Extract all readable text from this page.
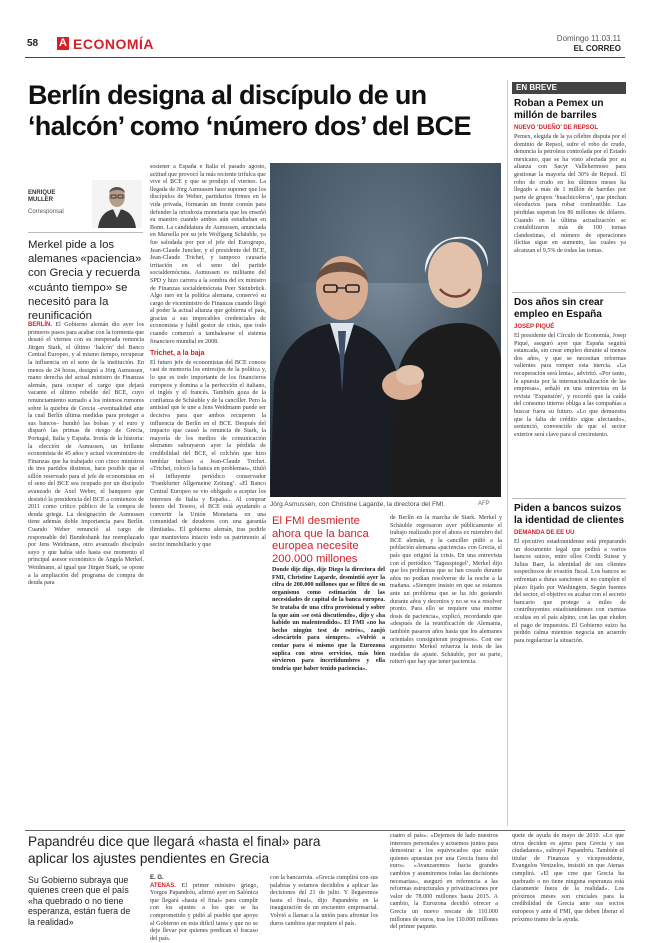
58 A ECONOMÍA	Domingo 11.03.11
EL CORREO
Berlín designa al discípulo de un
‘halcón’ como ‘número dos’ del BCE
ENRIQUE MULLER
Corresponsal
Merkel pide a los alemanes «paciencia» con Grecia y recuerda «cuánto tiempo» se necesitó para la reunificación

BERLÍN. El Gobierno alemán dio ayer los primeros pasos para acabar con la tormenta que desató el viernes con su inesperada renuncia Jürgen Stark, el último ‘halcón’ del Banco Central Europeo, y al mismo tiempo, recuperar la influencia en el seno de la institución. En menos de 24 horas, designó a Jörg Asmussen, mano derecha del actual ministro de Finanzas alemán, para ocupar el cargo que dejará vacante el último rebelde del BCE, cuyo renunciamiento sumado a los intensos rumores sobre la quiebra de Grecia –eventualidad ante la cual Berlín última medidas para proteger a sus bancos– hundió las bolsas y el euro y disparó las primas de riesgo de Grecia, Portugal, Italia y España. Ironía de la historia: la elección de Asmussen, un brillante economista de 45 años y actual viceministro de Finanzas que ha trabajado con cinco ministros de tres partidos distintos, hace posible que el sillón reservado para el jefe de economistas en el seno del BCE sea ocupado por un discípulo avanzado de Axel Weber, el banquero que desistió la presidencia del BCE a comienzos de 2011 como crítico público de la compra de deuda griega. La designación de Asmussen tiene además doble importancia para Berlín. Cuando Weber renunció al cargo de responsable del Bundesbank fue reemplazado por Jens Weidmann, otro avanzado discípulo suyo y que había sido hasta ese momento el principal asesor económico de Angela Merkel. Weidmann, al igual que Jürgen Stark, se opone a la ampliación del programa de compra de deuda para

sostener a España e Italia el pasado agosto, actitud que provocó la más reciente trifulca que vive el BCE y que se produjo el viernes. La llegada de Jörg Asmussen hace suponer que los discípulos de Weber, partidarios firmes en la vida privada, formarán un frente común para defender la ortodoxia monetaria que les enseñó su maestro cuando ambos aún estudiaban en Bonn. La candidatura de Asmussen, anunciada en Marsella por su jefe Wolfgang Schäuble, ya fue saludada por por el jefe del Eurogrupo, Jean-Claude Juncker, y el presidente del BCE, Jean-Claude Trichet, y tampoco causaría irritación en el seno del partido socialdemócrata. Asmussen es militante del SPD y hizo carrera a la sombra del ex ministro de Finanzas socialdemócrata Peer Steinbrück. Algo raro en la política alemana, conservó su cargo de viceministro de Finanzas cuando llegó al poder la actual alianza que gobierna el país, gracias a sus impecables credenciales de economista y hábil gestor de crisis, que todo cuando comenzó a tambalearse el sistema financiero mundial en 2008.

Trichet, a la baja

El futuro jefe de economistas del BCE conoce casi de memoria los entresijos de la política y, lo que es todo importante de los financieros europeos y domina a la perfección el italiano, el inglés y el francés. También goza de la confianza de Schäuble y de la canciller. Pero la amistad que le une a Jens Weidmann puede ser decisiva para que ambos recuperen la influencia de Berlín en el BCE. Después del impacto que causó la renuncia de Stark, la mayoría de los medios de comunicación alemanes subrayaron ayer la pérdida de credibilidad del BCE, el colchón que hizo temblar incluso a Jean-Claude Trichet. «Trichet, colocó la banca en problemas», tituló el influyente periódico conservador ‘Frankfurter Allgemeine Zeitung’. «El Banco Central Europeo se vio obligado a aceptar los intereses de Italia y España... Al comprar bonos del Tesoro, el BCE está ayudando a convertir la Unión Monetaria en una comunidad de deudores con una garantía ilimitada». El gobierno alemán, tras pedirle que mantuviera intacto todo su patrimonio al sector inmobiliario y que

Jörg Asmussen, con Christine Lagarde, la directora del FMI.	AFP
El FMI desmiente
ahora que la banca
europea necesite
200.000 millones

Donde dije digo, dije Diego la directora del FMI, Christine Lagarde, desmintió ayer la cifra de 200.000 millones que se filtró de su organismo como estimación de las necesidades de capital de la banca europea. Se trataba de una cifra provisional y sobre la que aún «se está discutiendo», dijo y «ha habido un malentendido». El FMI «no ha hecho ningún test de estrés», zanjó «descártelo para siempre». «Volvió a contar para si mismo que la Eurozona suplica con otros servicios, más bien sirvieron para incertidumbres y ella tendría que haber tenido paciencia».

de Berlín en la marcha de Stark. Merkel y Schäuble regresaron ayer públicamente el trabajo realizado por el ahora ex miembro del BCE alemán, y la canciller pidió a la población alemana «paciencia» con Grecia, el país que originó la crisis. En una entrevista con el periódico ‘Tagesspiegel’, Merkel dijo que los problemas que se han creado durante años no podían resolverse de la noche a la mañana. «Siempre insisto en que se estamos ante un problema que se ha ido gestando durante años y decenios y no se va a resolver pronto. Para ello se requiere una enorme dosis de paciencia», explicó, recordando que «después de la reunificación de Alemania, también pasaron años hasta que los alemanes orientales consiguieran progresos». Con ese argumento Merkel refuerza la tesis de las medidas de ajuste. Schäuble, por su parte, reiteró que hay que tener paciencia.

EN BREVE
Roban a Pemex un millón de barriles
NUEVO ‘DUEÑO’ DE REPSOL
Pemex, elegida de la ya célebre disputa por el dominio de Repsol, sufre el robo de crudo, denuncia la petrolera controlada por el Estado mexicano, que se ha visto afectada por su alianza con Sacyr Vallehermoso para gestionar la mayoría del 30% de Repsol. El robo de crudo en los últimos meses ha llegado a más de 1 millón de barriles por parte de grupos ‘huachicoleros’, que pinchan oleoductos para robar combustible. Las pérdidas superan los 86 millones de dólares. Cuando en la última actualización se contabilizaron más de 100 tomas clandestinas, el número de operaciones ilícitas sigue en aumento, las cuales ya alcanzan el 9,5% de todas las tomas.
Dos años sin crear empleo en España
JOSEP PIQUÉ
El presidente del Círculo de Economía, Josep Piqué, aseguró ayer que España seguirá estancada, sin crear empleo durante al menos dos años, y que se necesitan reformas valientes para romper esta inercia. «La recuperación será lenta», advirtió. «Por tanto, le apuesta por la internacionalización de las empresas», señaló en una entrevista en la revista ‘Expansión’, y recordó que la caída del consumo interno obliga a las compañías a buscar fuera su futuro. «Lo que demuestra que la falta de crédito sigue afectando», sentenció, convencido de que el sector exterior será clave para el crecimiento.
Piden a bancos suizos la identidad de clientes
DEMANDA DE EE UU
El ejecutivo estadounidense está preparando un documento legal que pedirá a varios bancos suizos, entre ellos Credit Suisse y Julius Baer, la identidad de sus clientes sospechosos de evasión fiscal. Los bancos se enfrentan a duras sanciones si no cumplen el plazo fijado por Washington. Según fuentes del sector, el objetivo es acabar con el secreto bancario que protege a miles de contribuyentes estadounidenses con cuentas ocultas en el país alpino, con las que eluden el pago de impuestos. El Gobierno suizo ha pedido calma mientras negocia un acuerdo para regularizar la situación.
Papandréu dice que llegará «hasta el final» para
aplicar los ajustes pendientes en Grecia
Su Gobierno subraya que quienes creen que el país «ha quebrado o no tiene esperanza, están fuera de la realidad»

E. G.

ATENAS. El primer ministro griego, Yorgos Papandréu, afirmó ayer en Salónica que llegará «hasta el final» para cumplir con los ajustes a los que se ha comprometido y pidió al pueblo que apoye al Gobierno en esta difícil tarea y que no se deje llevar por quienes predican el fracaso del país.

con la bancarrota. «Grecia cumplirá con sus palabras y estamos decididos a aplicar las decisiones del 21 de julio. Y llegaremos hasta el final», dijo Papandréu en la inauguración de un encuentro empresarial. Volvió a llamar a la unión para afrontar los duros cambios que requiere el país.
cuatro el país». «Dejemos de lado nuestros intereses personales y actuemos juntos para demostrar a los equivocados que están quienes apuestan por una Grecia fuera del euro». «Avanzaremos hacia grandes cambios y asumiremos todas las decisiones necesarias», aseguró en referencia a las reformas estructurales y privatizaciones por valor de 78.000 millones hasta 2015. A cambio, la Eurozona decidió ofrecer a Grecia un nuevo rescate de 110.000 millones de euros, tras los 110.000 millones del primer paquete.
quete de ayuda de mayo de 2010. «Lo que otros deciden es ajeno para Grecia y sus ciudadanos», subrayó Papandréu. También el titular de Finanzas y vicepresidente, Evangelos Venizelos, insistió en que Atenas cumplirá. «El que cree que Grecia ha quebrado o no tiene ninguna esperanza está claramente fuera de la realidad». Los próximos meses son cruciales para la credibilidad de Grecia ante sus socios europeos y ante el FMI, que deben liberar el próximo tramo de la ayuda.
